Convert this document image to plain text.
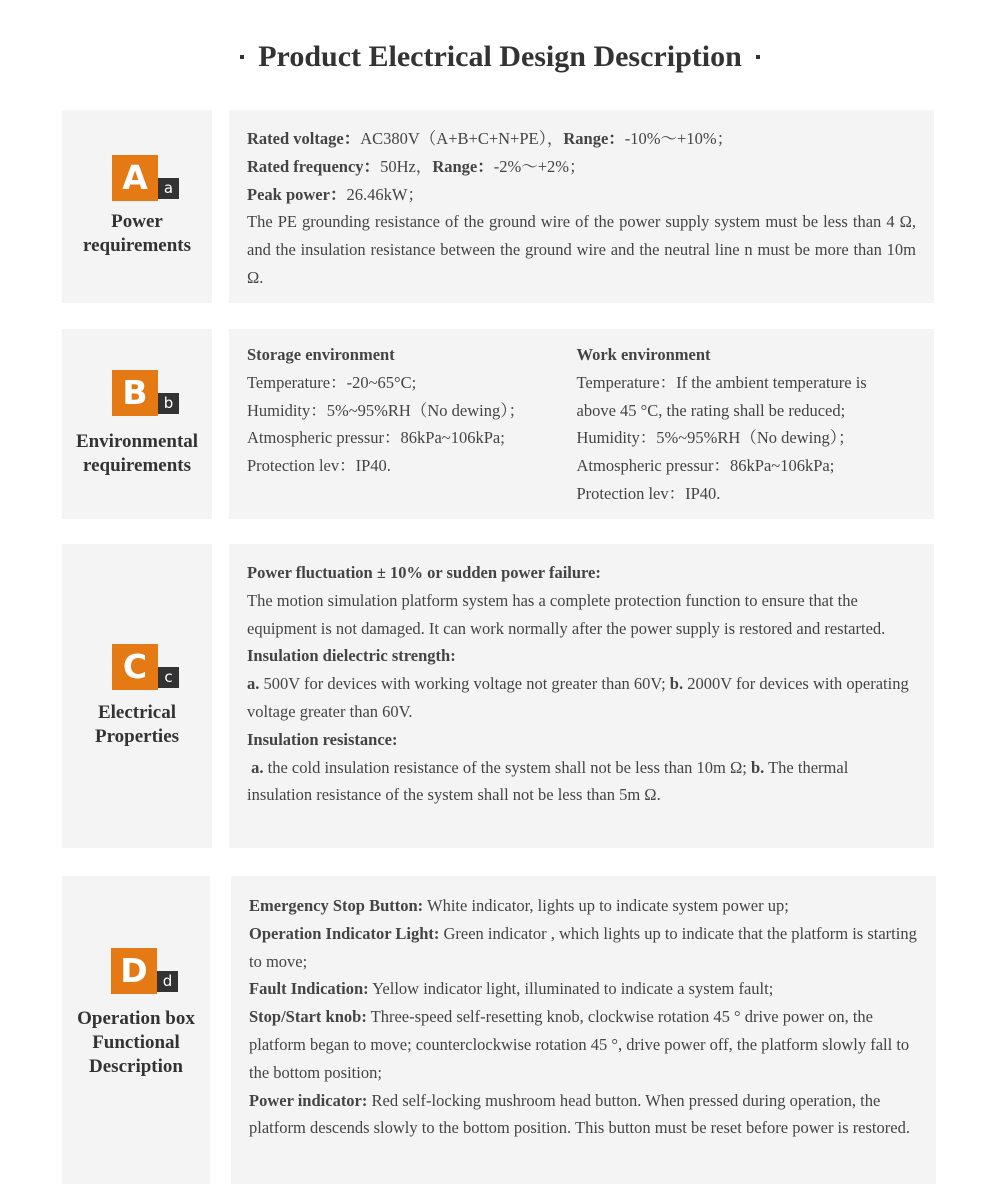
Product Electrical Design Description
A	a
Power
requirements

Rated voltage：AC380V（A+B+C+N+PE），Range：-10%～+10%；

Rated frequency：50Hz，Range：-2%～+2%；

Peak power：26.46kW；

The PE grounding resistance of the ground wire of the power supply system must be less than 4 Ω, and the insulation resistance between the ground wire and the neutral line n must be more than 10m Ω.

B	b
Environmental
requirements

Storage environment

Temperature：-20~65°C;

Humidity：5%~95%RH（No dewing）；

Atmospheric pressur：86kPa~106kPa;

Protection lev：IP40.

Work environment

Temperature：If the ambient temperature is

above 45 °C, the rating shall be reduced;

Humidity：5%~95%RH（No dewing）；

Atmospheric pressur：86kPa~106kPa;

Protection lev：IP40.

C	c
Electrical
Properties

Power fluctuation ± 10% or sudden power failure:

The motion simulation platform system has a complete protection function to ensure that the equipment is not damaged. It can work normally after the power supply is restored and restarted.

Insulation dielectric strength:

a. 500V for devices with working voltage not greater than 60V; b. 2000V for devices with operating voltage greater than 60V.

Insulation resistance:

a. the cold insulation resistance of the system shall not be less than 10m Ω; b. The thermal insulation resistance of the system shall not be less than 5m Ω.

D	d
Operation box
Functional
Description

Emergency Stop Button: White indicator, lights up to indicate system power up;

Operation Indicator Light: Green indicator , which lights up to indicate that the platform is starting to move;

Fault Indication: Yellow indicator light, illuminated to indicate a system fault;

Stop/Start knob: Three-speed self-resetting knob, clockwise rotation 45 ° drive power on, the platform began to move; counterclockwise rotation 45 °, drive power off, the platform slowly fall to the bottom position;

Power indicator: Red self-locking mushroom head button. When pressed during operation, the platform descends slowly to the bottom position. This button must be reset before power is restored.
